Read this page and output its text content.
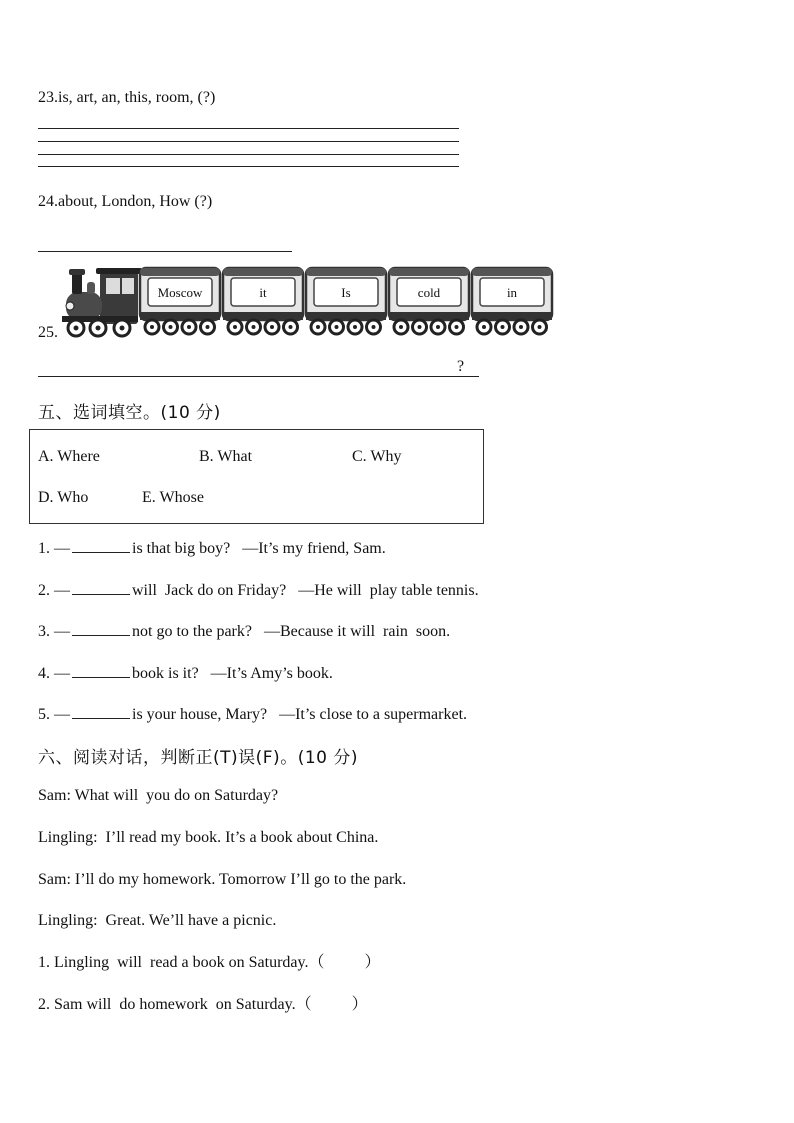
23.is, art, an, this, room, (?)
24.about, London, How (?)
25.
Moscow	it	Is	cold	in
?
五、选词填空。(10 分)
A. Where	B. What	C. Why
D. Who	E. Whose
1. —	is that big boy?   —It’s my friend, Sam.
2. —	will  Jack do on Friday?   —He will  play table tennis.
3. —	not go to the park?   —Because it will  rain  soon.
4. —	book is it?   —It’s Amy’s book.
5. —	is your house, Mary?   —It’s close to a supermarket.
六、阅读对话，判断正(T)误(F)。(10 分)
Sam: What will  you do on Saturday?
Lingling:  I’ll read my book. It’s a book about China.
Sam: I’ll do my homework. Tomorrow I’ll go to the park.
Lingling:  Great. We’ll have a picnic.
1. Lingling  will  read a book on Saturday.（          ）
2. Sam will  do homework  on Saturday.（          ）
